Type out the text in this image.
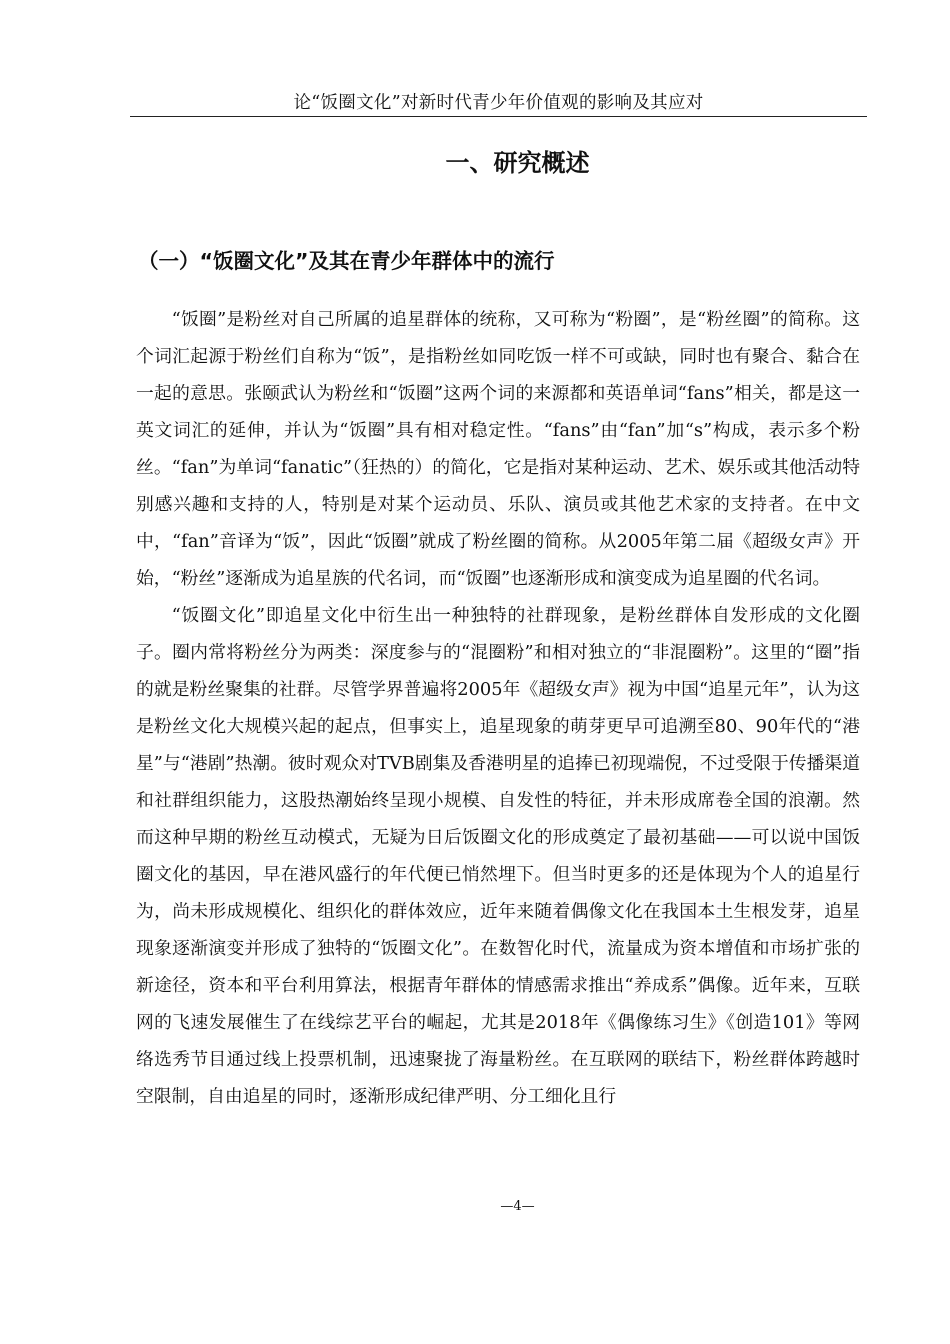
论“饭圈文化”对新时代青少年价值观的影响及其应对
一、研究概述
（一）“饭圈文化”及其在青少年群体中的流行

“饭圈”是粉丝对自己所属的追星群体的统称，又可称为“粉圈”，是“粉丝圈”的简称。这个词汇起源于粉丝们自称为“饭”，是指粉丝如同吃饭一样不可或缺，同时也有聚合、黏合在一起的意思。张颐武认为粉丝和“饭圈”这两个词的来源都和英语单词“fans”相关，都是这一英文词汇的延伸，并认为“饭圈”具有相对稳定性。“fans”由“fan”加“s”构成，表示多个粉丝。“fan”为单词“fanatic”（狂热的）的简化，它是指对某种运动、艺术、娱乐或其他活动特别感兴趣和支持的人，特别是对某个运动员、乐队、演员或其他艺术家的支持者。在中文中，“fan”音译为“饭”，因此“饭圈”就成了粉丝圈的简称。从2005年第二届《超级女声》开始，“粉丝”逐渐成为追星族的代名词，而“饭圈”也逐渐形成和演变成为追星圈的代名词。

“饭圈文化”即追星文化中衍生出一种独特的社群现象，是粉丝群体自发形成的文化圈子。圈内常将粉丝分为两类：深度参与的“混圈粉”和相对独立的“非混圈粉”。这里的“圈”指的就是粉丝聚集的社群。尽管学界普遍将2005年《超级女声》视为中国“追星元年”，认为这是粉丝文化大规模兴起的起点，但事实上，追星现象的萌芽更早可追溯至80、90年代的“港星”与“港剧”热潮。彼时观众对TVB剧集及香港明星的追捧已初现端倪，不过受限于传播渠道和社群组织能力，这股热潮始终呈现小规模、自发性的特征，并未形成席卷全国的浪潮。然而这种早期的粉丝互动模式，无疑为日后饭圈文化的形成奠定了最初基础——可以说中国饭圈文化的基因，早在港风盛行的年代便已悄然埋下。但当时更多的还是体现为个人的追星行为，尚未形成规模化、组织化的群体效应，近年来随着偶像文化在我国本土生根发芽，追星现象逐渐演变并形成了独特的“饭圈文化”。在数智化时代，流量成为资本增值和市场扩张的新途径，资本和平台利用算法，根据青年群体的情感需求推出“养成系”偶像。近年来，互联网的飞速发展催生了在线综艺平台的崛起，尤其是2018年《偶像练习生》《创造101》等网络选秀节目通过线上投票机制，迅速聚拢了海量粉丝。在互联网的联结下，粉丝群体跨越时空限制，自由追星的同时，逐渐形成纪律严明、分工细化且行

—4—
